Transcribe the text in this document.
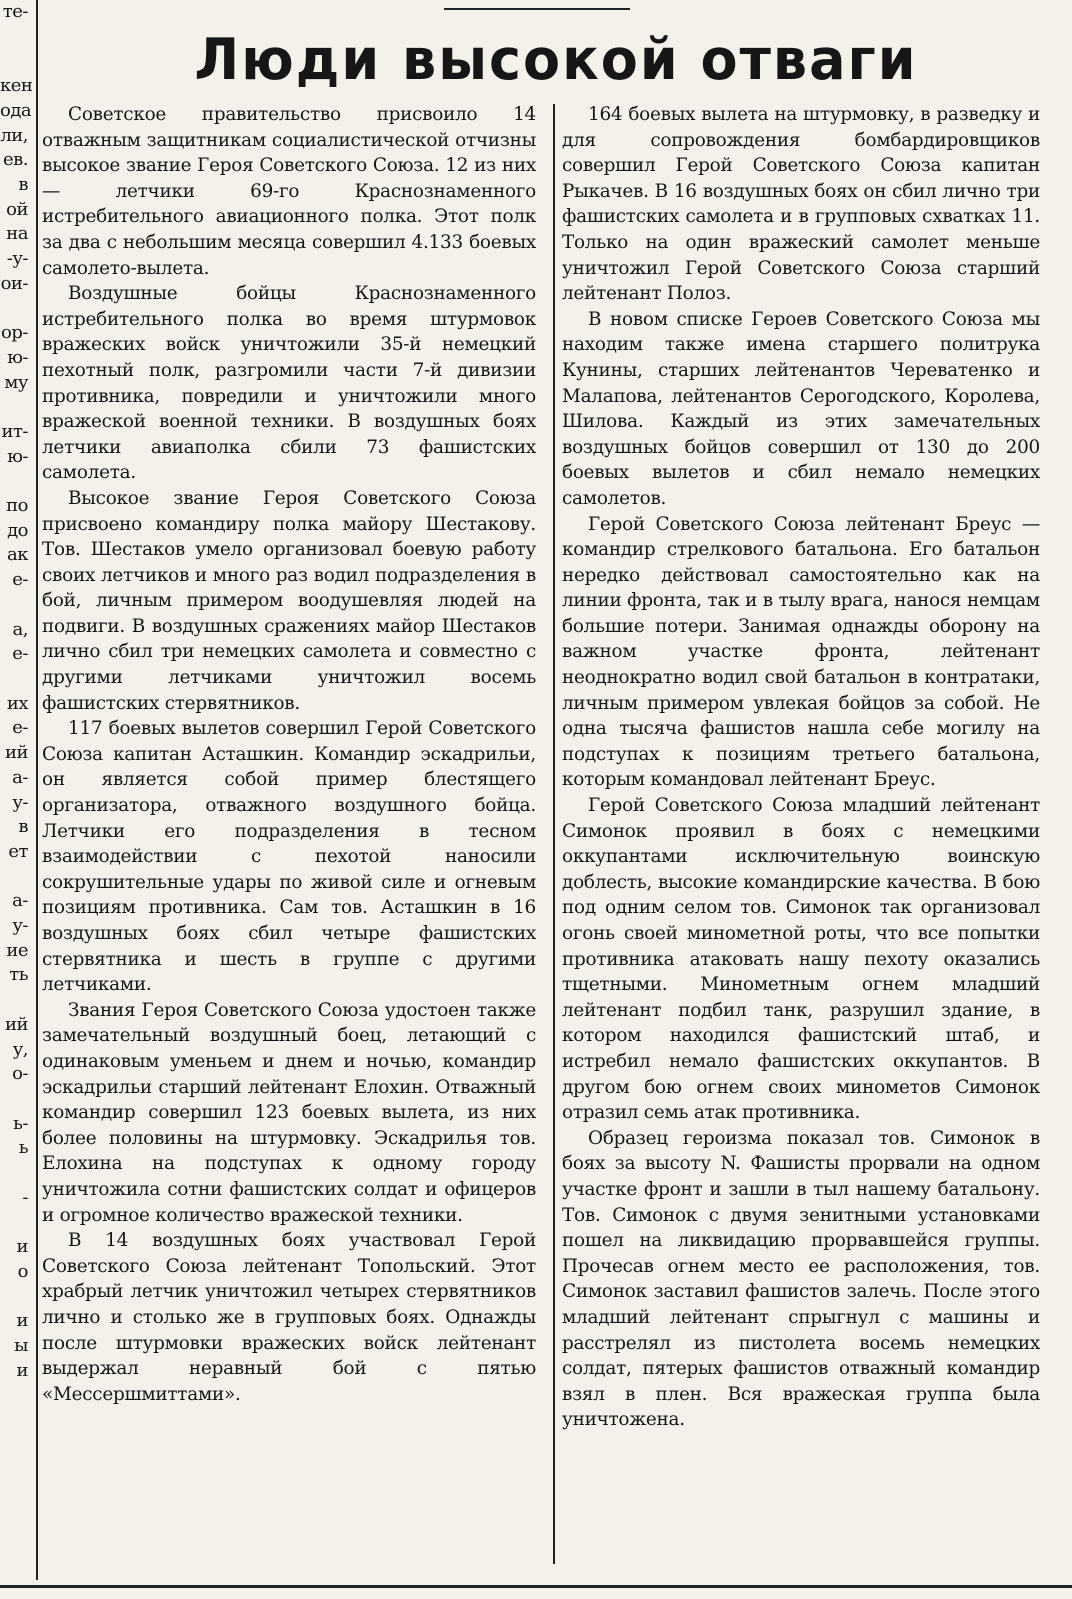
те-

кен
ода
ли,
ев.
в
ой
на
-у-
ои-

ор-
ю-
му

ит-
ю-

по
до
ак
е-

а,
е-

их
е-
ий
а-
у-
в
ет

а-
у-
ие
ть

ий
у,
о-

ь-
ь

-

и
о

и
ы
и
Люди высокой отваги

Советское правительство присвоило 14 отважным защитникам социалистической отчизны высокое звание Героя Советского Союза. 12 из них — летчики 69-го Краснознаменного истребительного авиационного полка. Этот полк за два с небольшим месяца совершил 4.133 боевых самолето-вылета.

Воздушные бойцы Краснознаменного истребительного полка во время штурмовок вражеских войск уничтожили 35-й немецкий пехотный полк, разгромили части 7-й дивизии противника, повредили и уничтожили много вражеской военной техники. В воздушных боях летчики авиаполка сбили 73 фашистских самолета.

Высокое звание Героя Советского Союза присвоено командиру полка майору Шестакову. Тов. Шестаков умело организовал боевую работу своих летчиков и много раз водил подразделения в бой, личным примером воодушевляя людей на подвиги. В воздушных сражениях майор Шестаков лично сбил три немецких самолета и совместно с другими летчиками уничтожил восемь фашистских стервятников.

117 боевых вылетов совершил Герой Советского Союза капитан Асташкин. Командир эскадрильи, он является собой пример блестящего организатора, отважного воздушного бойца. Летчики его подразделения в тесном взаимодействии с пехотой наносили сокрушительные удары по живой силе и огневым позициям противника. Сам тов. Асташкин в 16 воздушных боях сбил четыре фашистских стервятника и шесть в группе с другими летчиками.

Звания Героя Советского Союза удостоен также замечательный воздушный боец, летающий с одинаковым уменьем и днем и ночью, командир эскадрильи старший лейтенант Елохин. Отважный командир совершил 123 боевых вылета, из них более половины на штурмовку. Эскадрилья тов. Елохина на подступах к одному городу уничтожила сотни фашистских солдат и офицеров и огромное количество вражеской техники.

В 14 воздушных боях участвовал Герой Советского Союза лейтенант Топольский. Этот храбрый летчик уничтожил четырех стервятников лично и столько же в групповых боях. Однажды после штурмовки вражеских войск лейтенант выдержал неравный бой с пятью «Мессершмиттами».

164 боевых вылета на штурмовку, в разведку и для сопровождения бомбардировщиков совершил Герой Советского Союза капитан Рыкачев. В 16 воздушных боях он сбил лично три фашистских самолета и в групповых схватках 11. Только на один вражеский самолет меньше уничтожил Герой Советского Союза старший лейтенант Полоз.

В новом списке Героев Советского Союза мы находим также имена старшего политрука Кунины, старших лейтенантов Череватенко и Малапова, лейтенантов Серогодского, Королева, Шилова. Каждый из этих замечательных воздушных бойцов совершил от 130 до 200 боевых вылетов и сбил немало немецких самолетов.

Герой Советского Союза лейтенант Бреус — командир стрелкового батальона. Его батальон нередко действовал самостоятельно как на линии фронта, так и в тылу врага, нанося немцам большие потери. Занимая однажды оборону на важном участке фронта, лейтенант неоднократно водил свой батальон в контратаки, личным примером увлекая бойцов за собой. Не одна тысяча фашистов нашла себе могилу на подступах к позициям третьего батальона, которым командовал лейтенант Бреус.

Герой Советского Союза младший лейтенант Симонок проявил в боях с немецкими оккупантами исключительную воинскую доблесть, высокие командирские качества. В бою под одним селом тов. Симонок так организовал огонь своей минометной роты, что все попытки противника атаковать нашу пехоту оказались тщетными. Минометным огнем младший лейтенант подбил танк, разрушил здание, в котором находился фашистский штаб, и истребил немало фашистских оккупантов. В другом бою огнем своих минометов Симонок отразил семь атак противника.

Образец героизма показал тов. Симонок в боях за высоту N. Фашисты прорвали на одном участке фронт и зашли в тыл нашему батальону. Тов. Симонок с двумя зенитными установками пошел на ликвидацию прорвавшейся группы. Прочесав огнем место ее расположения, тов. Симонок заставил фашистов залечь. После этого младший лейтенант спрыгнул с машины и расстрелял из пистолета восемь немецких солдат, пятерых фашистов отважный командир взял в плен. Вся вражеская группа была уничтожена.
